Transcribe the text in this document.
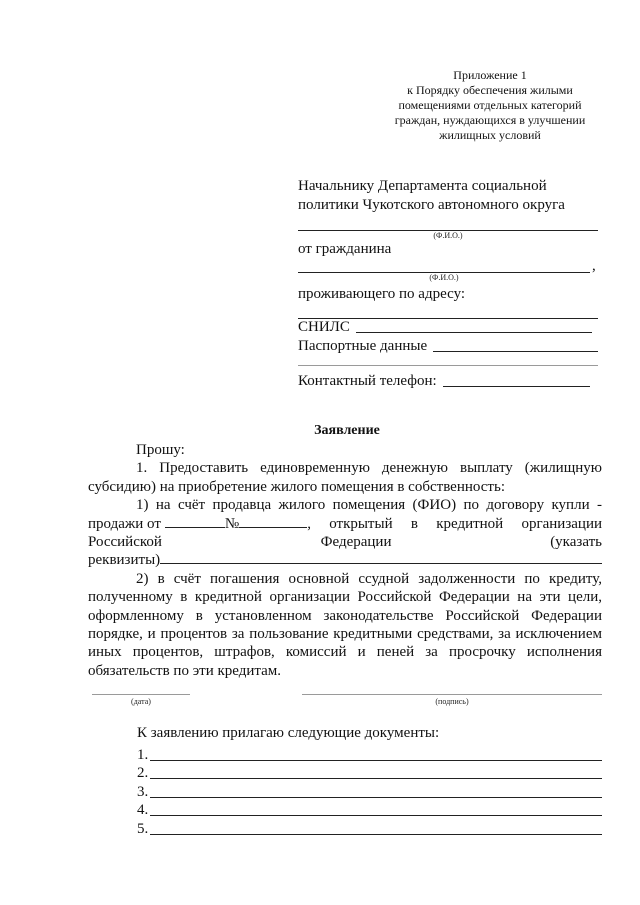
Приложение 1
к Порядку обеспечения жилыми
помещениями отдельных категорий
граждан, нуждающихся в улучшении
жилищных условий
Начальнику Департамента социальной
политики Чукотского автономного округа
(Ф.И.О.)
от гражданина
,
(Ф.И.О.)
проживающего по адресу:
СНИЛС
Паспортные данные
Контактный телефон:
Заявление
Прошу:
1. Предоставить единовременную денежную выплату (жилищную субсидию) на приобретение жилого помещения в собственность:
1) на счёт продавца жилого помещения (ФИО) по договору купли -
продажи от	№	, открытый в кредитной организации
Российской	Федерации	(указать
реквизиты)
2) в счёт погашения основной ссудной задолженности по кредиту, полученному в кредитной организации Российской Федерации на эти цели, оформленному в установленном законодательстве Российской Федерации порядке, и процентов за пользование кредитными средствами, за исключением иных процентов, штрафов, комиссий и пеней за просрочку исполнения обязательств по эти кредитам.
(дата)	(подпись)
К заявлению прилагаю следующие документы:
1.
2.
3.
4.
5.
